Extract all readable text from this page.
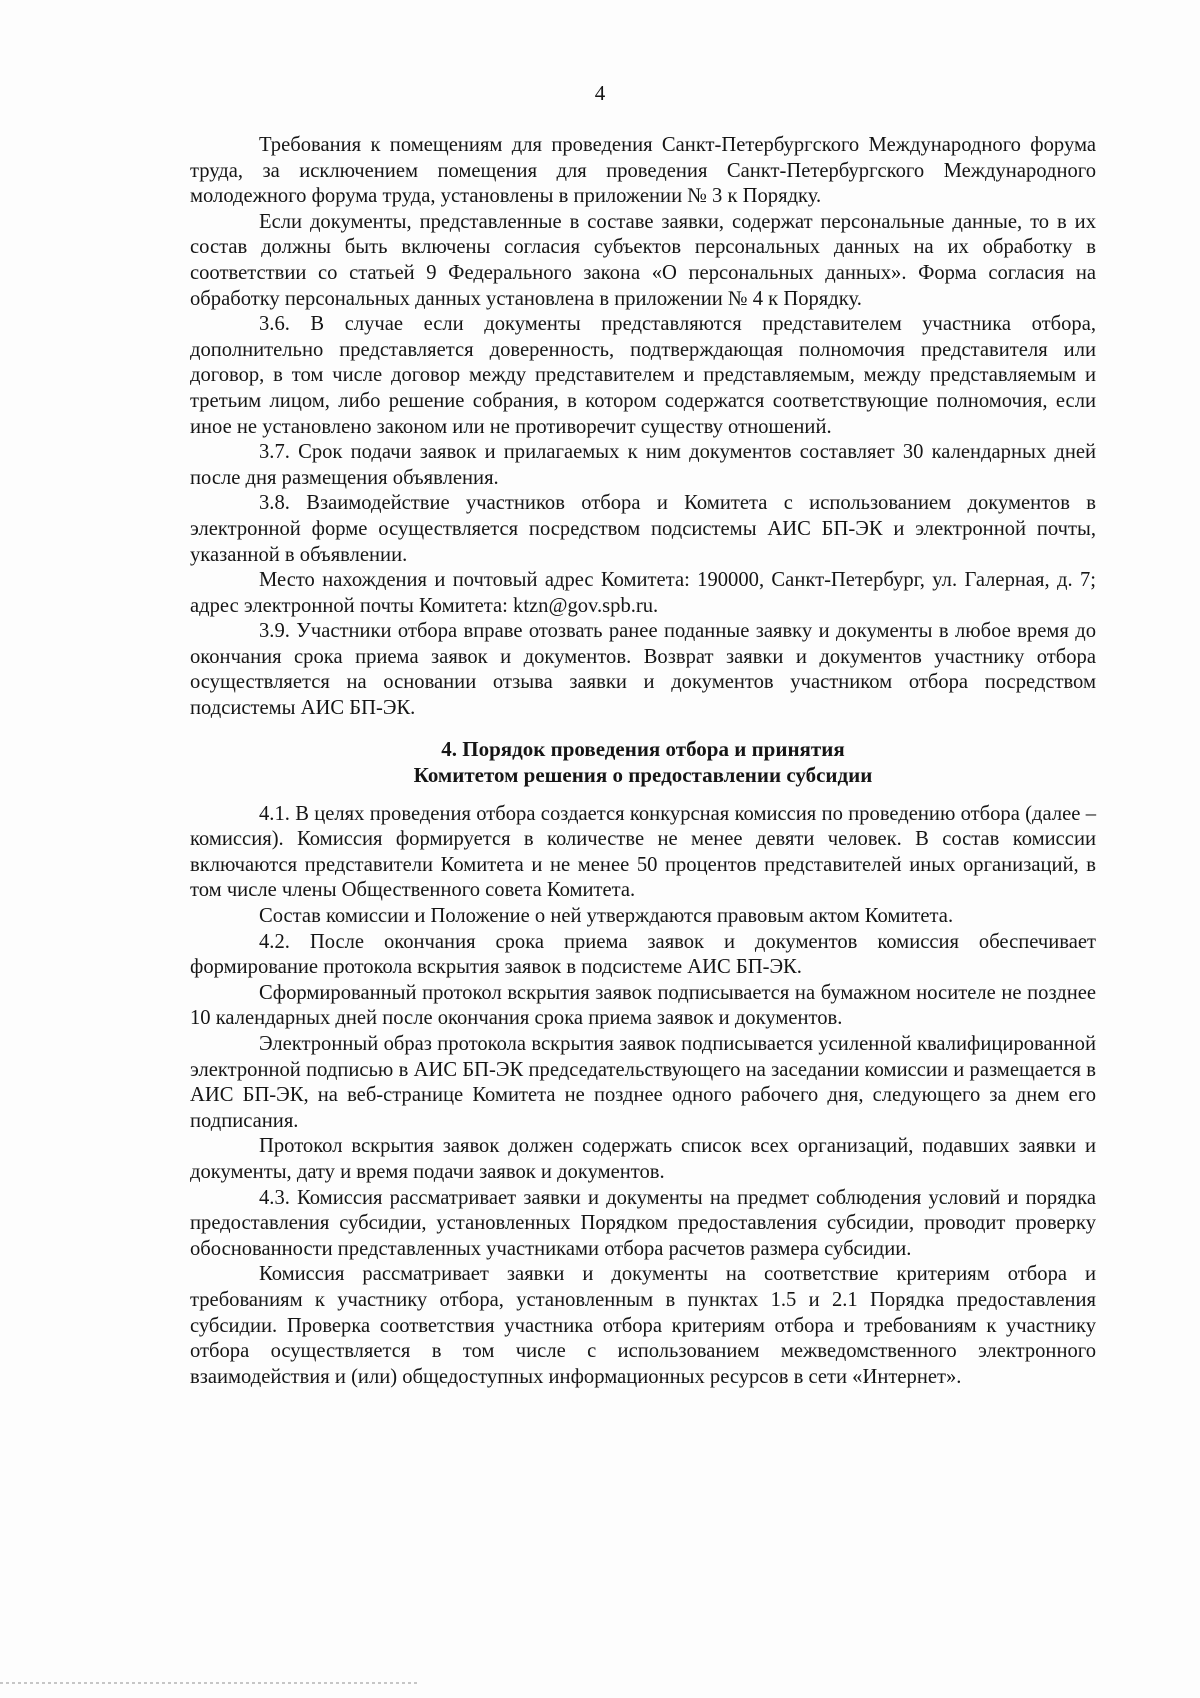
4

Требования к помещениям для проведения Санкт-Петербургского Международного форума труда, за исключением помещения для проведения Санкт-Петербургского Международного молодежного форума труда, установлены в приложении № 3 к Порядку.

Если документы, представленные в составе заявки, содержат персональные данные, то в их состав должны быть включены согласия субъектов персональных данных на их обработку в соответствии со статьей 9 Федерального закона «О персональных данных». Форма согласия на обработку персональных данных установлена в приложении № 4 к Порядку.

3.6. В случае если документы представляются представителем участника отбора, дополнительно представляется доверенность, подтверждающая полномочия представителя или договор, в том числе договор между представителем и представляемым, между представляемым и третьим лицом, либо решение собрания, в котором содержатся соответствующие полномочия, если иное не установлено законом или не противоречит существу отношений.

3.7. Срок подачи заявок и прилагаемых к ним документов составляет 30 календарных дней после дня размещения объявления.

3.8. Взаимодействие участников отбора и Комитета с использованием документов в электронной форме осуществляется посредством подсистемы АИС БП-ЭК и электронной почты, указанной в объявлении.

Место нахождения и почтовый адрес Комитета: 190000, Санкт-Петербург, ул. Галерная, д. 7; адрес электронной почты Комитета: ktzn@gov.spb.ru.

3.9. Участники отбора вправе отозвать ранее поданные заявку и документы в любое время до окончания срока приема заявок и документов. Возврат заявки и документов участнику отбора осуществляется на основании отзыва заявки и документов участником отбора посредством подсистемы АИС БП-ЭК.

4. Порядок проведения отбора и принятия
Комитетом решения о предоставлении субсидии

4.1. В целях проведения отбора создается конкурсная комиссия по проведению отбора (далее – комиссия). Комиссия формируется в количестве не менее девяти человек. В состав комиссии включаются представители Комитета и не менее 50 процентов представителей иных организаций, в том числе члены Общественного совета Комитета.

Состав комиссии и Положение о ней утверждаются правовым актом Комитета.

4.2. После окончания срока приема заявок и документов комиссия обеспечивает формирование протокола вскрытия заявок в подсистеме АИС БП-ЭК.

Сформированный протокол вскрытия заявок подписывается на бумажном носителе не позднее 10 календарных дней после окончания срока приема заявок и документов.

Электронный образ протокола вскрытия заявок подписывается усиленной квалифицированной электронной подписью в АИС БП-ЭК председательствующего на заседании комиссии и размещается в АИС БП-ЭК, на веб-странице Комитета не позднее одного рабочего дня, следующего за днем его подписания.

Протокол вскрытия заявок должен содержать список всех организаций, подавших заявки и документы, дату и время подачи заявок и документов.

4.3. Комиссия рассматривает заявки и документы на предмет соблюдения условий и порядка предоставления субсидии, установленных Порядком предоставления субсидии, проводит проверку обоснованности представленных участниками отбора расчетов размера субсидии.

Комиссия рассматривает заявки и документы на соответствие критериям отбора и требованиям к участнику отбора, установленным в пунктах 1.5 и 2.1 Порядка предоставления субсидии. Проверка соответствия участника отбора критериям отбора и требованиям к участнику отбора осуществляется в том числе с использованием межведомственного электронного взаимодействия и (или) общедоступных информационных ресурсов в сети «Интернет».
